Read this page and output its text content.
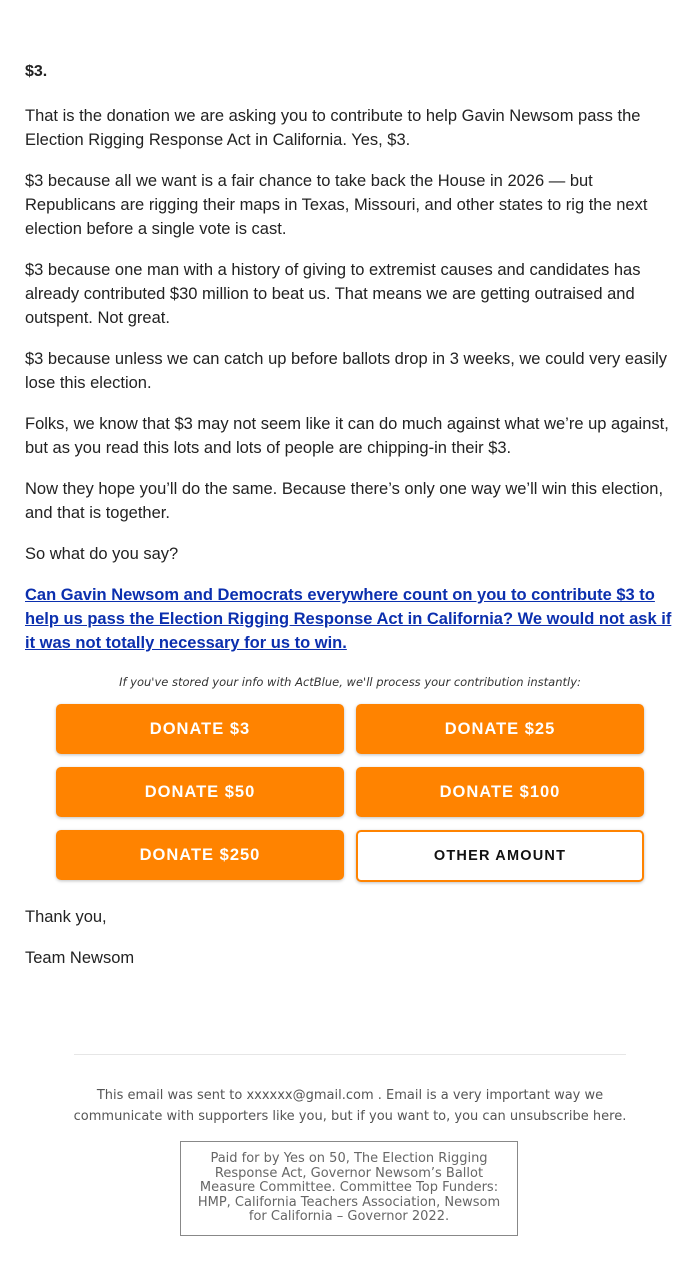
$3.

That is the donation we are asking you to contribute to help Gavin Newsom pass the Election Rigging Response Act in California. Yes, $3.

$3 because all we want is a fair chance to take back the House in 2026 — but Republicans are rigging their maps in Texas, Missouri, and other states to rig the next election before a single vote is cast.

$3 because one man with a history of giving to extremist causes and candidates has already contributed $30 million to beat us. That means we are getting outraised and outspent. Not great.

$3 because unless we can catch up before ballots drop in 3 weeks, we could very easily lose this election.

Folks, we know that $3 may not seem like it can do much against what we’re up against, but as you read this lots and lots of people are chipping-in their $3.

Now they hope you’ll do the same. Because there’s only one way we’ll win this election, and that is together.

So what do you say?

Can Gavin Newsom and Democrats everywhere count on you to contribute $3 to help us pass the Election Rigging Response Act in California? We would not ask if it was not totally necessary for us to win.
If you've stored your info with ActBlue, we'll process your contribution instantly:
DONATE $3	DONATE $25
DONATE $50	DONATE $100
DONATE $250	OTHER AMOUNT
Thank you,
Team Newsom
This email was sent to xxxxxx@gmail.com . Email is a very important way we communicate with supporters like you, but if you want to, you can unsubscribe here.
Paid for by Yes on 50, The Election Rigging Response Act, Governor Newsom’s Ballot Measure Committee. Committee Top Funders: HMP, California Teachers Association, Newsom for California – Governor 2022.
